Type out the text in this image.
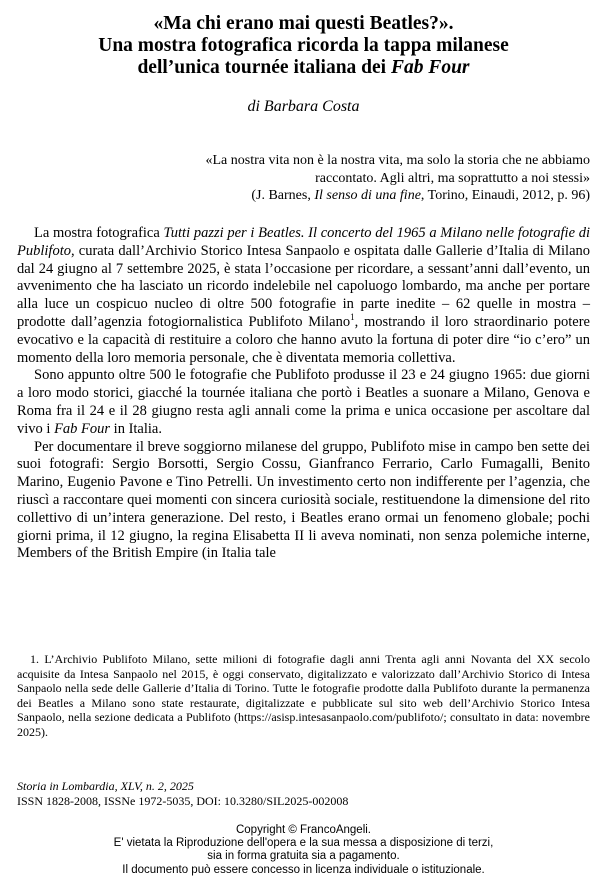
«Ma chi erano mai questi Beatles?».
Una mostra fotografica ricorda la tappa milanese
dell’unica tournée italiana dei Fab Four
di Barbara Costa
«La nostra vita non è la nostra vita, ma solo la storia che ne abbiamo
raccontato. Agli altri, ma soprattutto a noi stessi»
(J. Barnes, Il senso di una fine, Torino, Einaudi, 2012, p. 96)

La mostra fotografica Tutti pazzi per i Beatles. Il concerto del 1965 a Milano nelle fotografie di Publifoto, curata dall’Archivio Storico Intesa Sanpaolo e ospitata dalle Gallerie d’Italia di Milano dal 24 giugno al 7 settembre 2025, è stata l’occasione per ricordare, a sessant’anni dall’evento, un avvenimento che ha lasciato un ricordo indelebile nel capoluogo lombardo, ma anche per portare alla luce un cospicuo nucleo di oltre 500 fotografie in parte inedite – 62 quelle in mostra – prodotte dall’agenzia fotogiornalistica Publifoto Milano$^1$, mostrando il loro straordinario potere evocativo e la capacità di restituire a coloro che hanno avuto la fortuna di poter dire “io c’ero” un momento della loro memoria personale, che è diventata memoria collettiva.

Sono appunto oltre 500 le fotografie che Publifoto produsse il 23 e 24 giugno 1965: due giorni a loro modo storici, giacché la tournée italiana che portò i Beatles a suonare a Milano, Genova e Roma fra il 24 e il 28 giugno resta agli annali come la prima e unica occasione per ascoltare dal vivo i Fab Four in Italia.

Per documentare il breve soggiorno milanese del gruppo, Publifoto mise in campo ben sette dei suoi fotografi: Sergio Borsotti, Sergio Cossu, Gianfranco Ferrario, Carlo Fumagalli, Benito Marino, Eugenio Pavone e Tino Petrelli. Un investimento certo non indifferente per l’agenzia, che riuscì a raccontare quei momenti con sincera curiosità sociale, restituendone la dimensione del rito collettivo di un’intera generazione. Del resto, i Beatles erano ormai un fenomeno globale; pochi giorni prima, il 12 giugno, la regina Elisabetta II li aveva nominati, non senza polemiche interne, Members of the British Empire (in Italia tale

1. L’Archivio Publifoto Milano, sette milioni di fotografie dagli anni Trenta agli anni Novanta del XX secolo acquisite da Intesa Sanpaolo nel 2015, è oggi conservato, digitalizzato e valorizzato dall’Archivio Storico di Intesa Sanpaolo nella sede delle Gallerie d’Italia di Torino. Tutte le fotografie prodotte dalla Publifoto durante la permanenza dei Beatles a Milano sono state restaurate, digitalizzate e pubblicate sul sito web dell’Archivio Storico Intesa Sanpaolo, nella sezione dedicata a Publifoto (https://asisp.intesasanpaolo.com/publifoto/; consultato in data: novembre 2025).

Storia in Lombardia, XLV, n. 2, 2025
ISSN 1828-2008, ISSNe 1972-5035, DOI: 10.3280/SIL2025-002008
Copyright © FrancoAngeli.
E' vietata la Riproduzione dell'opera e la sua messa a disposizione di terzi,
sia in forma gratuita sia a pagamento.
Il documento può essere concesso in licenza individuale o istituzionale.
